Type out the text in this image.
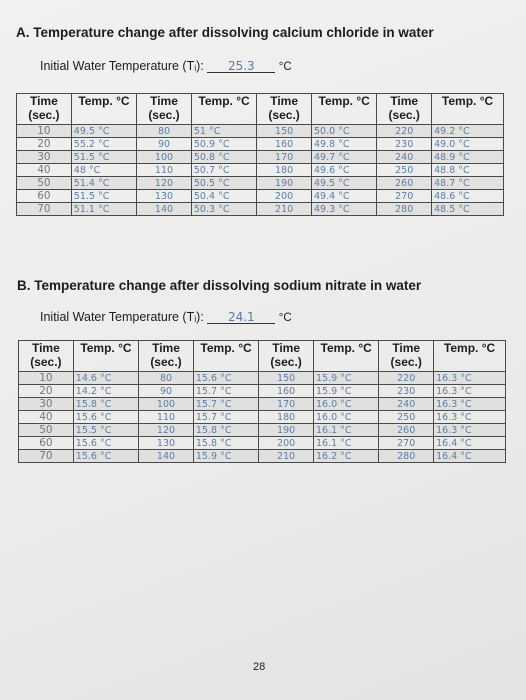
A. Temperature change after dissolving calcium chloride in water
Initial Water Temperature (Tᵢ): 25.3 °C
Time (sec.)	Temp. °C	Time (sec.)	Temp. °C	Time (sec.)	Temp. °C	Time (sec.)	Temp. °C
10	49.5 °C	80	51 °C	150	50.0 °C	220	49.2 °C
20	55.2 °C	90	50.9 °C	160	49.8 °C	230	49.0 °C
30	51.5 °C	100	50.8 °C	170	49.7 °C	240	48.9 °C
40	48 °C	110	50.7 °C	180	49.6 °C	250	48.8 °C
50	51.4 °C	120	50.5 °C	190	49.5 °C	260	48.7 °C
60	51.5 °C	130	50.4 °C	200	49.4 °C	270	48.6 °C
70	51.1 °C	140	50.3 °C	210	49.3 °C	280	48.5 °C
B. Temperature change after dissolving sodium nitrate in water
Initial Water Temperature (Tᵢ): 24.1 °C
Time (sec.)	Temp. °C	Time (sec.)	Temp. °C	Time (sec.)	Temp. °C	Time (sec.)	Temp. °C
10	14.6 °C	80	15.6 °C	150	15.9 °C	220	16.3 °C
20	14.2 °C	90	15.7 °C	160	15.9 °C	230	16.3 °C
30	15.8 °C	100	15.7 °C	170	16.0 °C	240	16.3 °C
40	15.6 °C	110	15.7 °C	180	16.0 °C	250	16.3 °C
50	15.5 °C	120	15.8 °C	190	16.1 °C	260	16.3 °C
60	15.6 °C	130	15.8 °C	200	16.1 °C	270	16.4 °C
70	15.6 °C	140	15.9 °C	210	16.2 °C	280	16.4 °C
28
